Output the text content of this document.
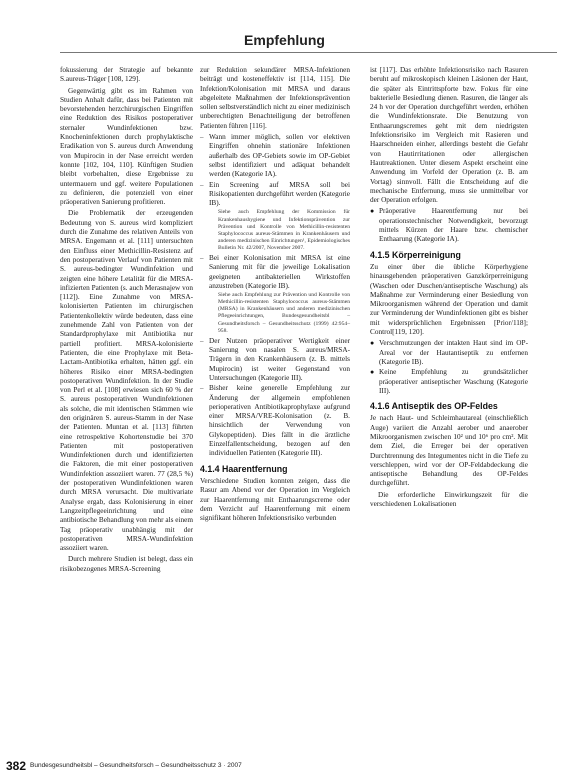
Empfehlung

fokussierung der Strategie auf bekannte S.aureus-Träger [108, 129].

Gegenwärtig gibt es im Rahmen von Studien Anhalt dafür, dass bei Patienten mit bevorstehenden herzchirurgischen Eingriffen eine Reduktion des Risikos postoperativer sternaler Wundinfektionen bzw. Knocheninfektionen durch prophylaktische Eradikation von S. aureus durch Anwendung von Mupirocin in der Nase erreicht werden konnte [102, 104, 110]. Künftigen Studien bleibt vorbehalten, diese Ergebnisse zu untermauern und ggf. weitere Populationen zu definieren, die potenziell von einer präoperativen Sanierung profitieren.

Die Problematik der erzeugenden Bedeutung von S. aureus wird kompliziert durch die Zunahme des relativen Anteils von MRSA. Engemann et al. [111] untersuchten den Einfluss einer Methicillin-Resistenz auf den postoperativen Verlauf von Patienten mit S. aureus-bedingter Wundinfektion und zeigten eine höhere Letalität für die MRSA-infizierten Patienten (s. auch Merasnajew von [112]). Eine Zunahme von MRSA-kolonisierten Patienten im chirurgischen Patientenkollektiv würde bedeuten, dass eine zunehmende Zahl von Patienten von der Standardprophylaxe mit Antibiotika nur partiell profitiert. MRSA-kolonisierte Patienten, die eine Prophylaxe mit Beta-Lactam-Antibiotika erhalten, hätten ggf. ein höheres Risiko einer MRSA-bedingten postoperativen Wundinfektion. In der Studie von Perl et al. [108] erwiesen sich 60 % der S. aureus postoperativen Wundinfektionen als solche, die mit identischen Stämmen wie den originären S. aureus-Stamm in der Nase der Patienten. Muntan et al. [113] führten eine retrospektive Kohortenstudie bei 370 Patienten mit postoperativen Wundinfektionen durch und identifizierten die Faktoren, die mit einer postoperativen Wundinfektion assoziiert waren. 77 (28,5 %) der postoperativen Wundinfektionen waren durch MRSA verursacht. Die multivariate Analyse ergab, dass Kolonisierung in einer Langzeitpflegeeinrichtung und eine antibiotische Behandlung von mehr als einem Tag präoperativ unabhängig mit der postoperativen MRSA-Wundinfektion assoziiert waren.

Durch mehrere Studien ist belegt, dass ein risikobezogenes MRSA-Screening

zur Reduktion sekundärer MRSA-Infektionen beiträgt und kosteneffektiv ist [114, 115]. Die Infektion/Kolonisation mit MRSA und daraus abgeleitete Maßnahmen der Infektionsprävention sollen selbstverständlich nicht zu einer medizinisch unberechtigten Benachteiligung der betroffenen Patienten führen [116].

– Wann immer möglich, sollen vor elektiven Eingriffen ohnehin stationäre Infektionen außerhalb des OP-Gebiets sowie im OP-Gebiet selbst identifiziert und adäquat behandelt werden (Kategorie IA).
– Ein Screening auf MRSA soll bei Risikopatienten durchgeführt werden (Kategorie IB).
Siehe auch Empfehlung der Kommission für Krankenhaushygiene und Infektionsprävention zur Prävention und Kontrolle von Methicillin-resistenten Staphylococcus aureus-Stämmen in Krankenhäusern und anderen medizinischen Einrichtungen¹, Epidemiologisches Bulletin Nr. 42/2007, November 2007.
– Bei einer Kolonisation mit MRSA ist eine Sanierung mit für die jeweilige Lokalisation geeigneten antibakteriellen Wirkstoffen anzustreben (Kategorie IB).
Siehe auch Empfehlung zur Prävention und Kontrolle von Methicillin-resistenten Staphylococcus aureus-Stämmen (MRSA) in Krankenhäusern und anderen medizinischen Pflegeeinrichtungen, Bundesgesundheitsbl – Gesundheitsforsch – Gesundheitsschutz (1999) 42:954–958.
– Der Nutzen präoperativer Wertigkeit einer Sanierung von nasalen S. aureus/MRSA-Trägern in den Krankenhäusern (z. B. mittels Mupirocin) ist weiter Gegenstand von Untersuchungen (Kategorie III).
– Bisher keine generelle Empfehlung zur Änderung der allgemein empfohlenen perioperativen Antibiotikaprophylaxe aufgrund einer MRSA/VRE-Kolonisation (z. B. hinsichtlich der Verwendung von Glykopeptiden). Dies fällt in die ärztliche Einzelfallentscheidung, bezogen auf den individuellen Patienten (Kategorie III).
4.1.4 Haarentfernung

Verschiedene Studien konnten zeigen, dass die Rasur am Abend vor der Operation im Vergleich zur Haarentfernung mit Enthaarungscreme oder dem Verzicht auf Haarentfernung mit einem signifikant höheren Infektionsrisiko verbunden

ist [117]. Das erhöhte Infektionsrisiko nach Rasuren beruht auf mikroskopisch kleinen Läsionen der Haut, die später als Eintrittspforte bzw. Fokus für eine bakterielle Besiedlung dienen. Rasuren, die länger als 24 h vor der Operation durchgeführt werden, erhöhen die Wundinfektionsrate. Die Benutzung von Enthaarungscremes geht mit dem niedrigsten Infektionsrisiko im Vergleich mit Rasieren und Haarschneiden einher, allerdings besteht die Gefahr von Hautirritationen oder allergischen Hautreaktionen. Unter diesem Aspekt erscheint eine Anwendung im Vorfeld der Operation (z. B. am Vortag) sinnvoll. Fällt die Entscheidung auf die mechanische Entfernung, muss sie unmittelbar vor der Operation erfolgen.

● Präoperative Haarentfernung nur bei operationstechnischer Notwendigkeit, bevorzugt mittels Kürzen der Haare bzw. chemischer Enthaarung (Kategorie IA).
4.1.5 Körperreinigung

Zu einer über die übliche Körperhygiene hinausgehenden präoperativen Ganzkörperreinigung (Waschen oder Duschen/antiseptische Waschung) als Maßnahme zur Verminderung einer Besiedlung von Mikroorganismen während der Operation und damit zur Verminderung der Wundinfektionen gibt es bisher mit widersprüchlichen Ergebnissen [Prior/118]; Control[119, 120].

● Verschmutzungen der intakten Haut sind im OP-Areal vor der Hautantiseptik zu entfernen (Kategorie IB).
● Keine Empfehlung zu grundsätzlicher präoperativer antiseptischer Waschung (Kategorie III).
4.1.6 Antiseptik des OP-Feldes

Je nach Haut- und Schleimhautareal (einschließlich Auge) variiert die Anzahl aerober und anaerober Mikroorganismen zwischen 10² und 10⁶ pro cm². Mit dem Ziel, die Erreger bei der operativen Durchtrennung des Integumentes nicht in die Tiefe zu verschleppen, wird vor der OP-Feldabdeckung die antiseptische Behandlung des OP-Feldes durchgeführt.

Die erforderliche Einwirkungszeit für die verschiedenen Lokalisationen

382 Bundesgesundheitsbl – Gesundheitsforsch – Gesundheitsschutz 3 · 2007
